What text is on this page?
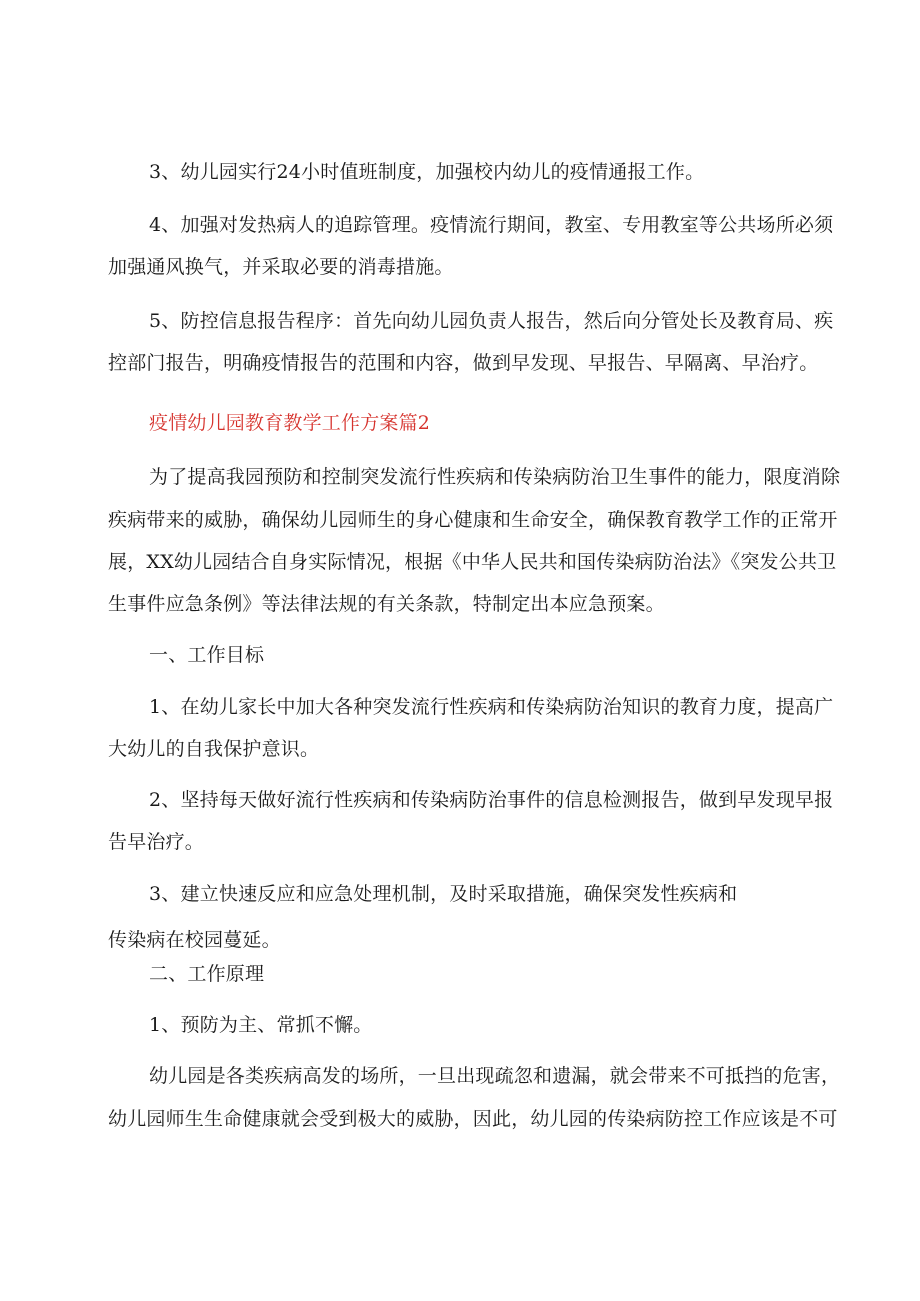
3、幼儿园实行24小时值班制度，加强校内幼儿的疫情通报工作。
4、加强对发热病人的追踪管理。疫情流行期间，教室、专用教室等公共场所必须
加强通风换气，并采取必要的消毒措施。
5、防控信息报告程序：首先向幼儿园负责人报告，然后向分管处长及教育局、疾
控部门报告，明确疫情报告的范围和内容，做到早发现、早报告、早隔离、早治疗。
疫情幼儿园教育教学工作方案篇2
为了提高我园预防和控制突发流行性疾病和传染病防治卫生事件的能力，限度消除
疾病带来的威胁，确保幼儿园师生的身心健康和生命安全，确保教育教学工作的正常开
展，XX幼儿园结合自身实际情况，根据《中华人民共和国传染病防治法》《突发公共卫
生事件应急条例》等法律法规的有关条款，特制定出本应急预案。
一、工作目标
1、在幼儿家长中加大各种突发流行性疾病和传染病防治知识的教育力度，提高广
大幼儿的自我保护意识。
2、坚持每天做好流行性疾病和传染病防治事件的信息检测报告，做到早发现早报
告早治疗。
3、建立快速反应和应急处理机制，及时采取措施，确保突发性疾病和
传染病在校园蔓延。
二、工作原理
1、预防为主、常抓不懈。
幼儿园是各类疾病高发的场所，一旦出现疏忽和遗漏，就会带来不可抵挡的危害，
幼儿园师生生命健康就会受到极大的威胁，因此，幼儿园的传染病防控工作应该是不可
